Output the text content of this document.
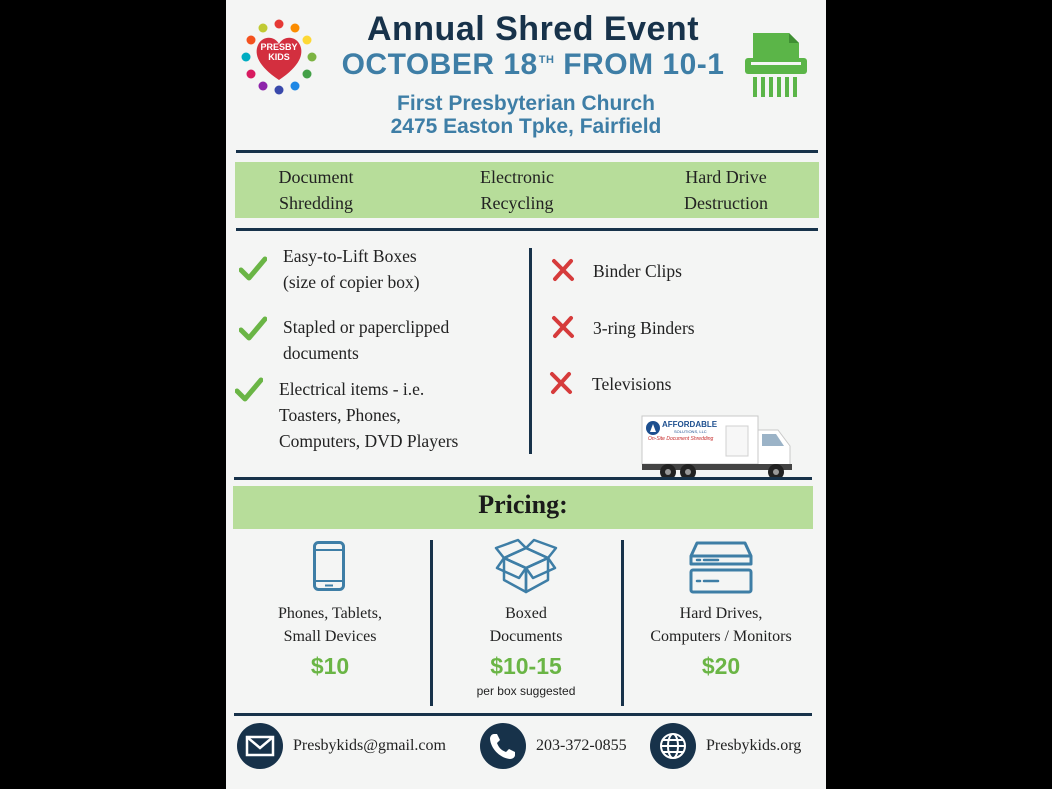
PRESBY KIDS
Annual Shred Event
OCTOBER 18TH FROM 10-1
First Presbyterian Church
2475 Easton Tpke, Fairfield
Document
Shredding
Electronic
Recycling
Hard Drive
Destruction
Easy-to-Lift Boxes
(size of copier box)
Stapled or paperclipped
documents
Electrical items - i.e.
Toasters, Phones,
Computers, DVD Players
Binder Clips
3-ring Binders
Televisions
AFFORDABLE
SOLUTIONS, LLC
On-Site Document Shredding
Pricing:
Phones, Tablets,
Small Devices
$10
Boxed
Documents
$10-15
per box suggested
Hard Drives,
Computers / Monitors
$20
Presbykids@gmail.com	203-372-0855	Presbykids.org
